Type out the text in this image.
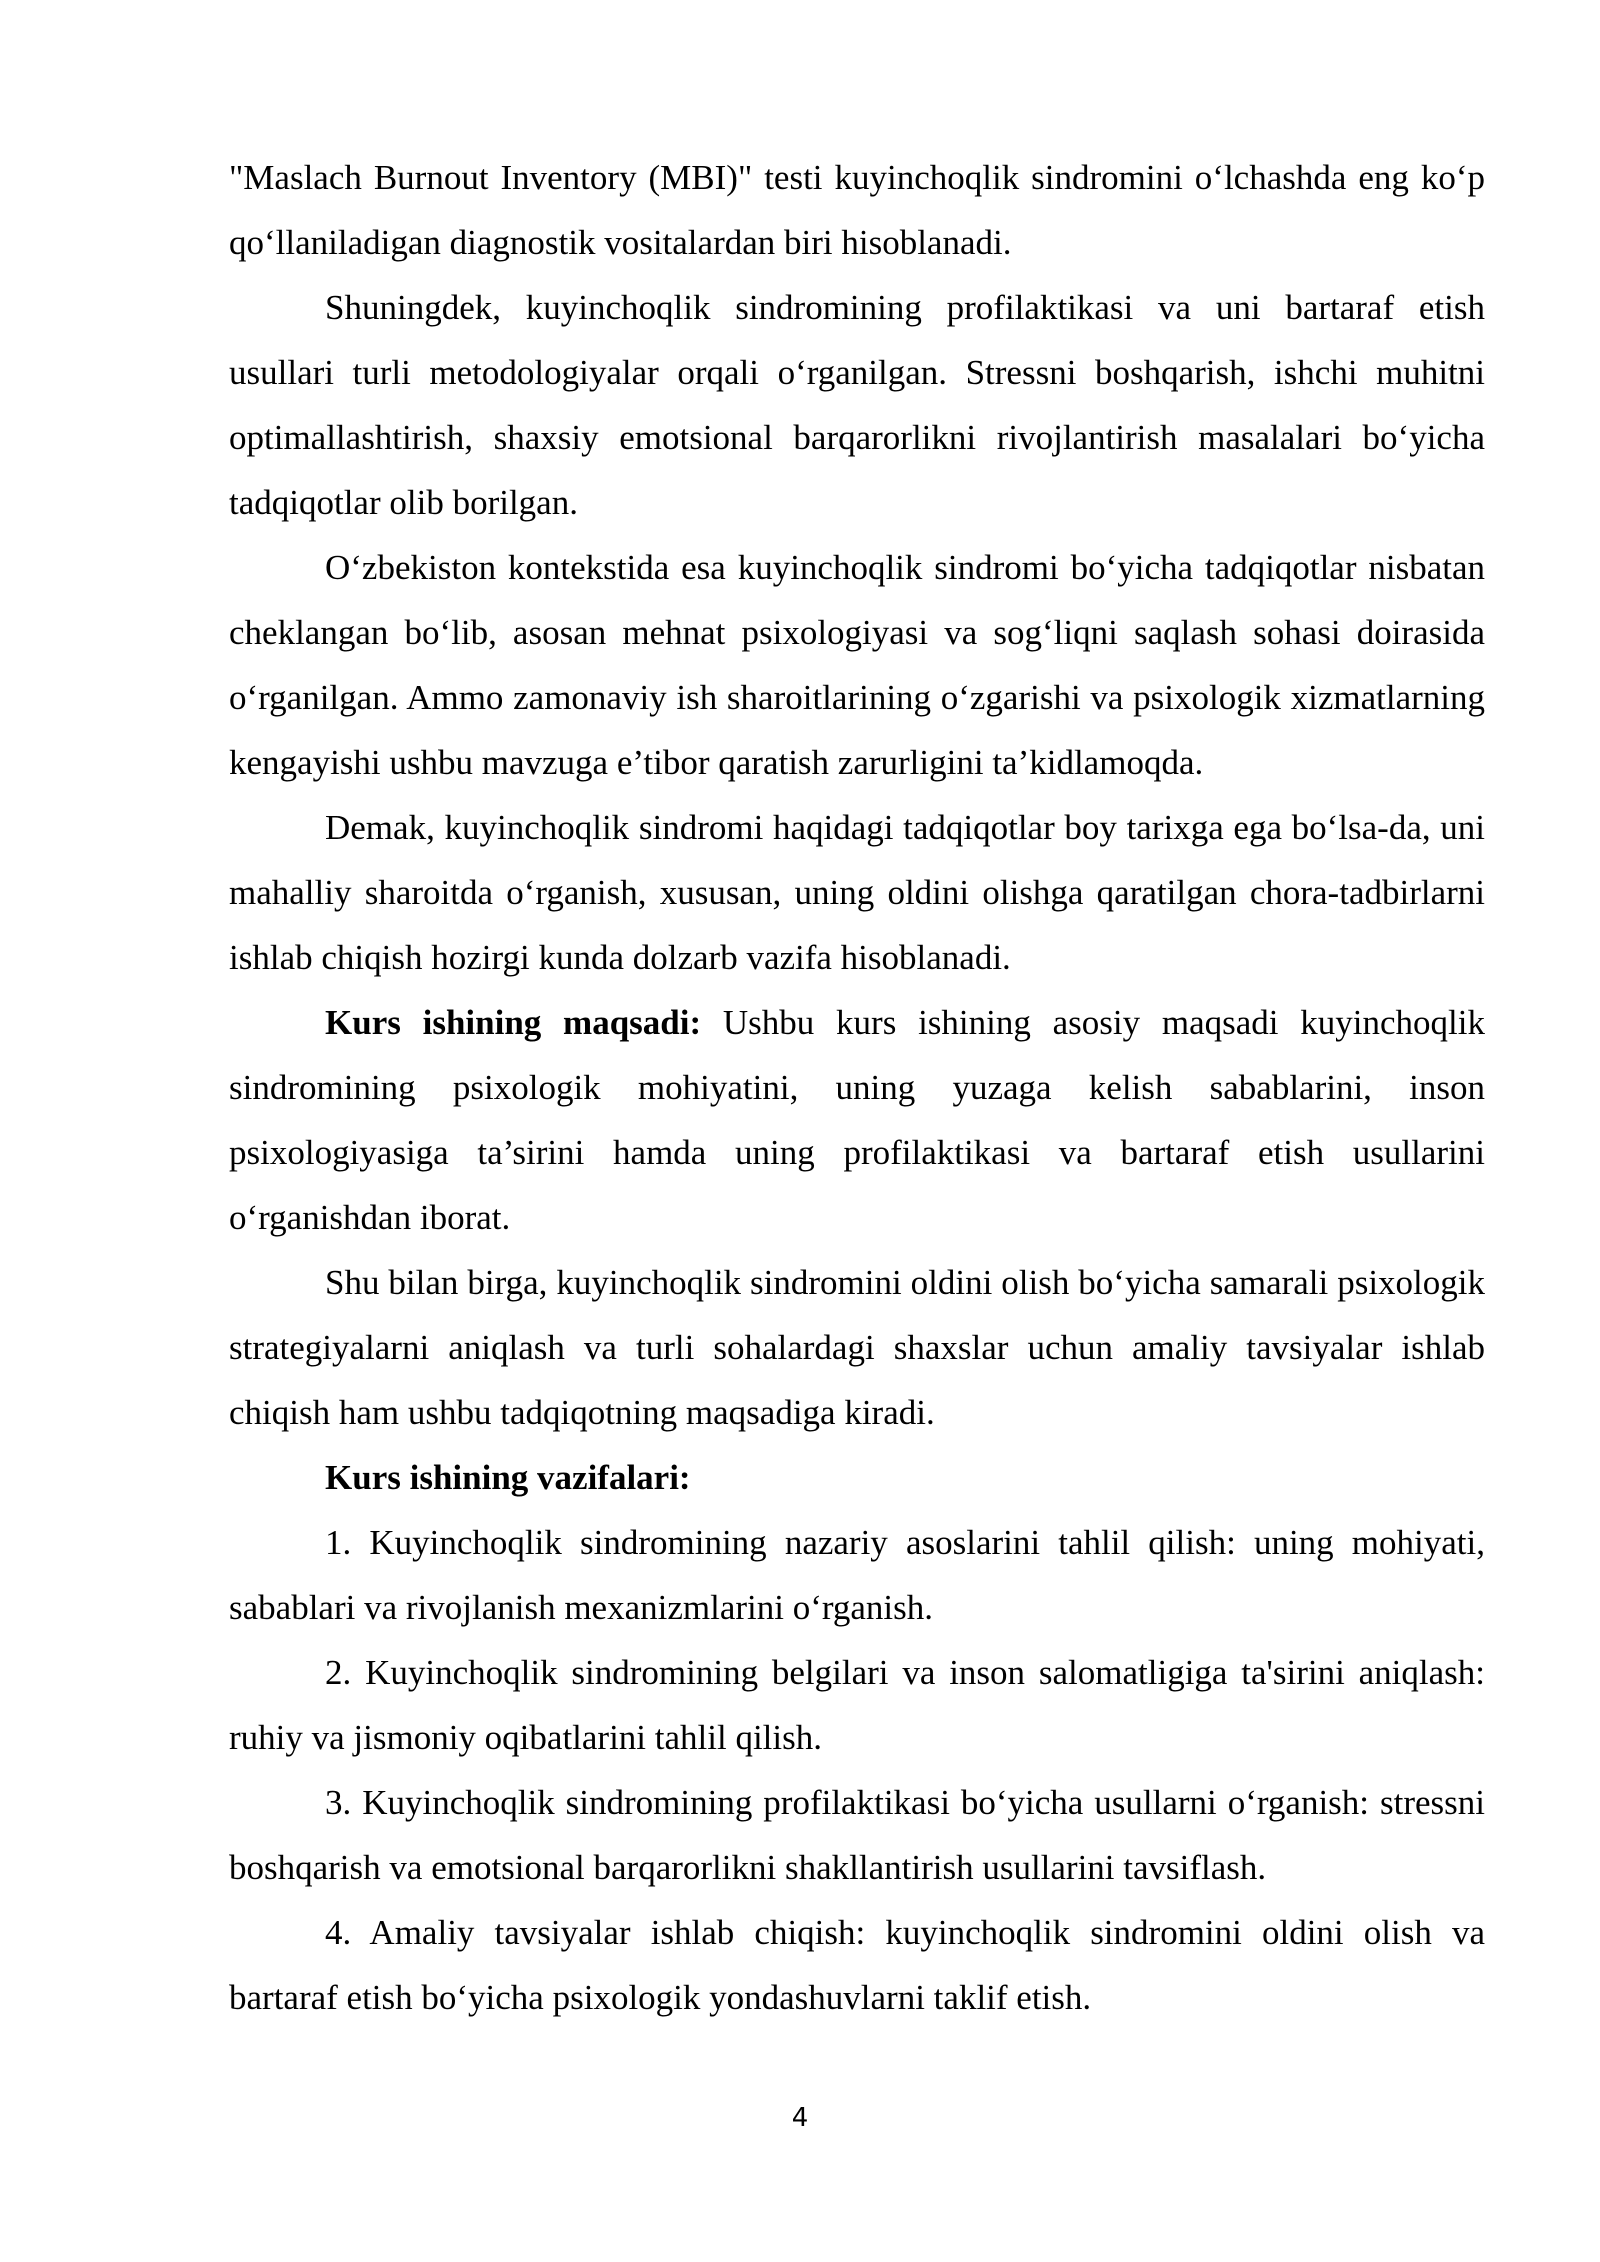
"Maslach Burnout Inventory (MBI)" testi kuyinchoqlik sindromini oʻlchashda eng koʻp qoʻllaniladigan diagnostik vositalardan biri hisoblanadi.

Shuningdek, kuyinchoqlik sindromining profilaktikasi va uni bartaraf etish usullari turli metodologiyalar orqali oʻrganilgan. Stressni boshqarish, ishchi muhitni optimallashtirish, shaxsiy emotsional barqarorlikni rivojlantirish masalalari boʻyicha tadqiqotlar olib borilgan.

Oʻzbekiston kontekstida esa kuyinchoqlik sindromi boʻyicha tadqiqotlar nisbatan cheklangan boʻlib, asosan mehnat psixologiyasi va sogʻliqni saqlash sohasi doirasida oʻrganilgan. Ammo zamonaviy ish sharoitlarining oʻzgarishi va psixologik xizmatlarning kengayishi ushbu mavzuga e’tibor qaratish zarurligini ta’kidlamoqda.

Demak, kuyinchoqlik sindromi haqidagi tadqiqotlar boy tarixga ega boʻlsa-da, uni mahalliy sharoitda oʻrganish, xususan, uning oldini olishga qaratilgan chora-tadbirlarni ishlab chiqish hozirgi kunda dolzarb vazifa hisoblanadi.

Kurs ishining maqsadi: Ushbu kurs ishining asosiy maqsadi kuyinchoqlik sindromining psixologik mohiyatini, uning yuzaga kelish sabablarini, inson psixologiyasiga ta’sirini hamda uning profilaktikasi va bartaraf etish usullarini oʻrganishdan iborat.

Shu bilan birga, kuyinchoqlik sindromini oldini olish boʻyicha samarali psixologik strategiyalarni aniqlash va turli sohalardagi shaxslar uchun amaliy tavsiyalar ishlab chiqish ham ushbu tadqiqotning maqsadiga kiradi.

Kurs ishining vazifalari:

1. Kuyinchoqlik sindromining nazariy asoslarini tahlil qilish: uning mohiyati, sabablari va rivojlanish mexanizmlarini oʻrganish.

2. Kuyinchoqlik sindromining belgilari va inson salomatligiga ta'sirini aniqlash: ruhiy va jismoniy oqibatlarini tahlil qilish.

3. Kuyinchoqlik sindromining profilaktikasi boʻyicha usullarni oʻrganish: stressni boshqarish va emotsional barqarorlikni shakllantirish usullarini tavsiflash.

4. Amaliy tavsiyalar ishlab chiqish: kuyinchoqlik sindromini oldini olish va bartaraf etish boʻyicha psixologik yondashuvlarni taklif etish.

4
